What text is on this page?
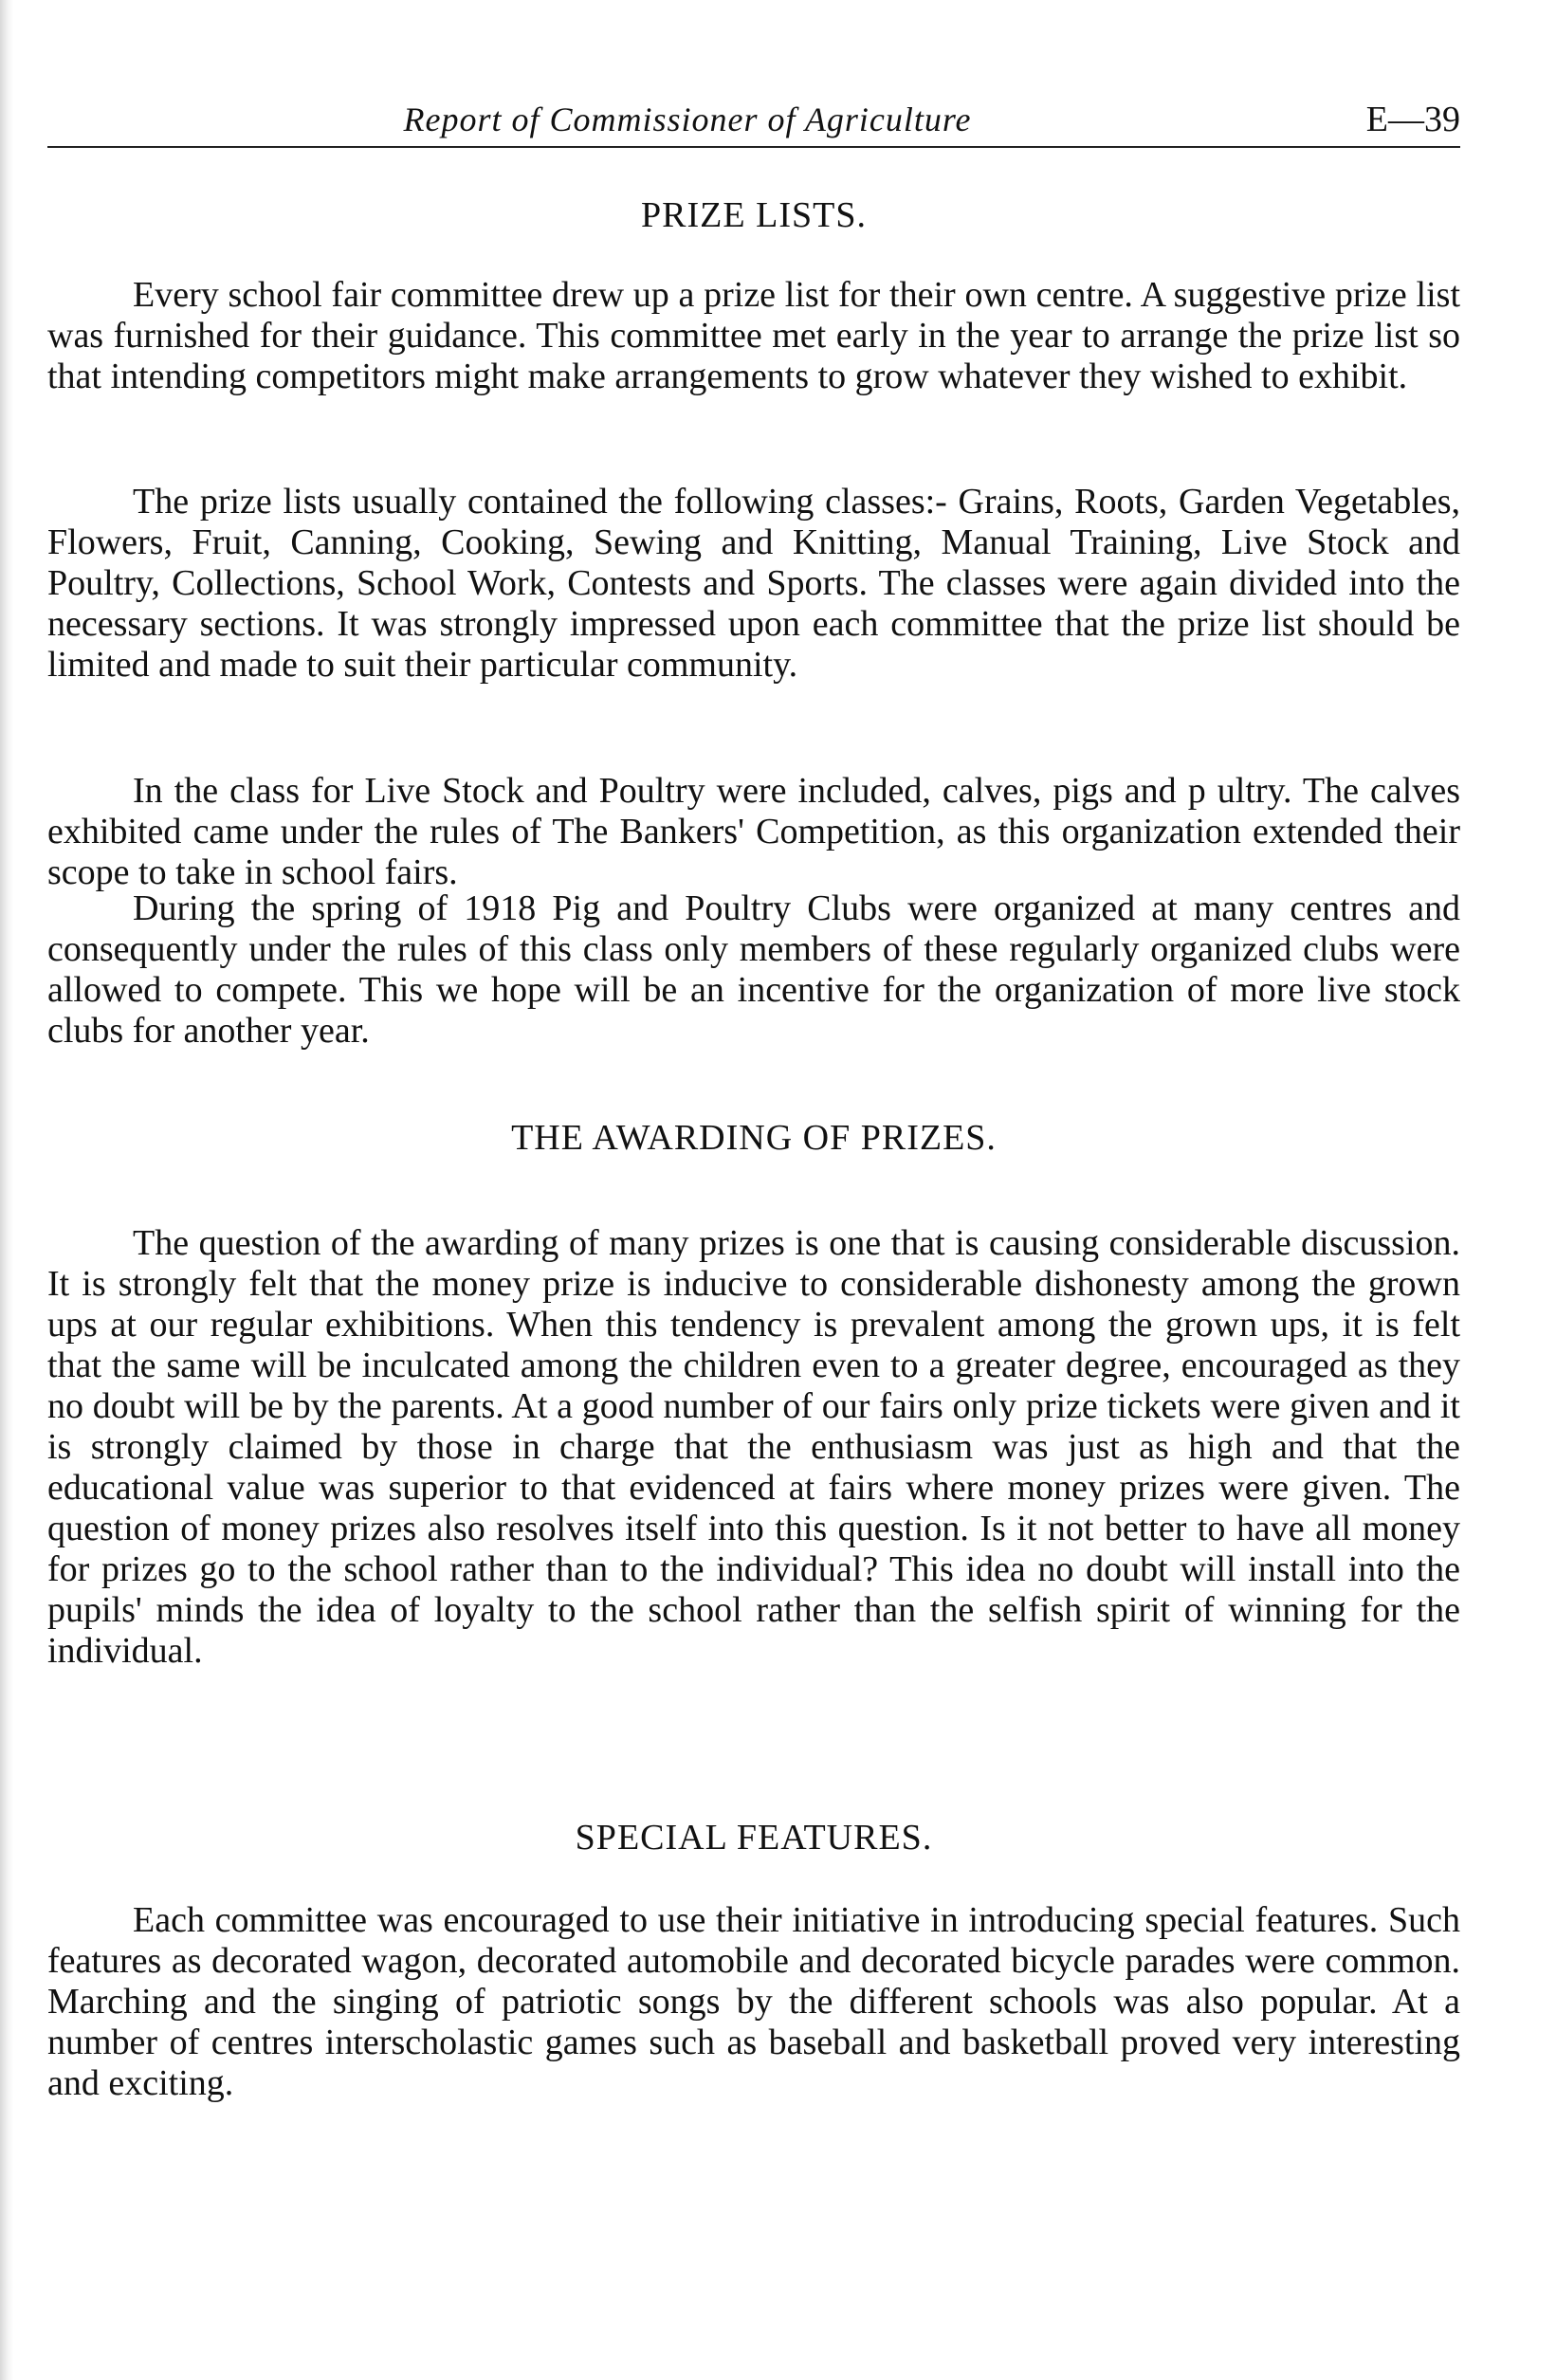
Report of Commissioner of Agriculture	E—39
PRIZE LISTS.

Every school fair committee drew up a prize list for their own centre. A suggestive prize list was furnished for their guidance. This committee met early in the year to arrange the prize list so that intending competitors might make arrangements to grow whatever they wished to exhibit.

The prize lists usually contained the following classes:- Grains, Roots, Garden Vegetables, Flowers, Fruit, Canning, Cooking, Sewing and Knitting, Manual Training, Live Stock and Poultry, Collections, School Work, Contests and Sports. The classes were again divided into the necessary sections. It was strongly impressed upon each committee that the prize list should be limited and made to suit their particular community.

In the class for Live Stock and Poultry were included, calves, pigs and p ultry. The calves exhibited came under the rules of The Bankers' Competition, as this organization extended their scope to take in school fairs.

During the spring of 1918 Pig and Poultry Clubs were organized at many centres and consequently under the rules of this class only members of these regularly organized clubs were allowed to compete. This we hope will be an incentive for the organization of more live stock clubs for another year.

THE AWARDING OF PRIZES.

The question of the awarding of many prizes is one that is causing considerable discussion. It is strongly felt that the money prize is inducive to considerable dishonesty among the grown ups at our regular exhibitions. When this tendency is prevalent among the grown ups, it is felt that the same will be inculcated among the children even to a greater degree, encouraged as they no doubt will be by the parents. At a good number of our fairs only prize tickets were given and it is strongly claimed by those in charge that the enthusiasm was just as high and that the educational value was superior to that evidenced at fairs where money prizes were given. The question of money prizes also resolves itself into this question. Is it not better to have all money for prizes go to the school rather than to the individual? This idea no doubt will install into the pupils' minds the idea of loyalty to the school rather than the selfish spirit of winning for the individual.

SPECIAL FEATURES.

Each committee was encouraged to use their initiative in introducing special features. Such features as decorated wagon, decorated automobile and decorated bicycle parades were common. Marching and the singing of patriotic songs by the different schools was also popular. At a number of centres interscholastic games such as baseball and basketball proved very interesting and exciting.
